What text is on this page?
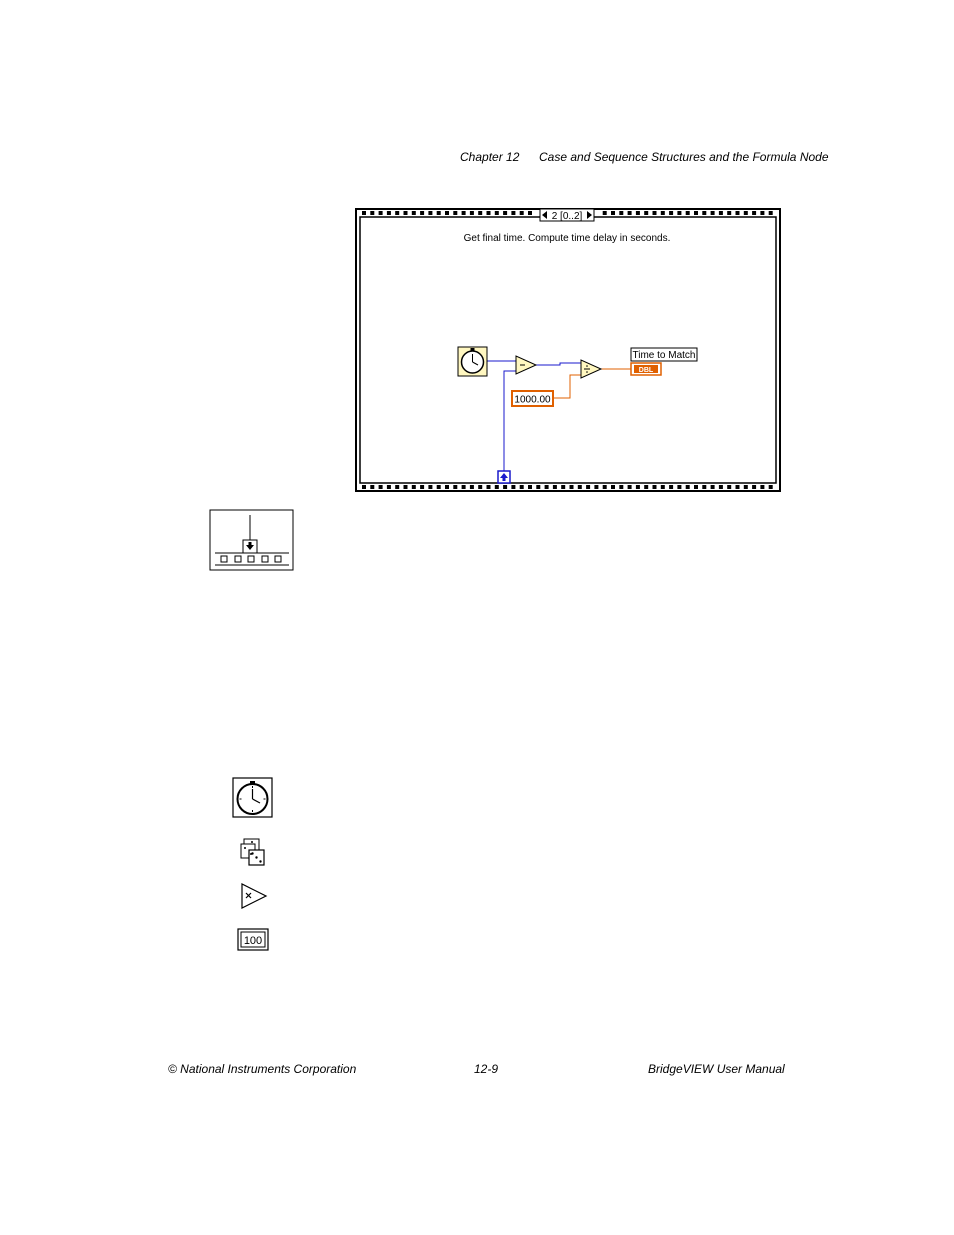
Chapter 12 Case and Sequence Structures and the Formula Node
2 [0..2]
Get final time. Compute time delay in seconds.
1000.00
Time to Match
DBL
100
© National Instruments Corporation	12-9	BridgeVIEW User Manual
